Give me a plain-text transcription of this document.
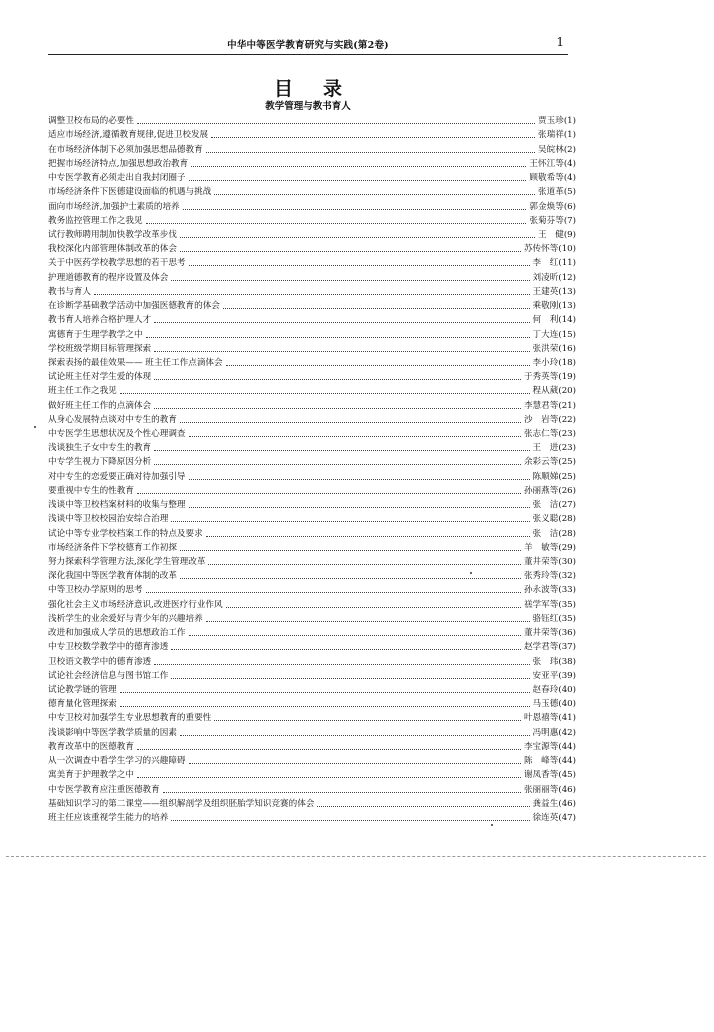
中华中等医学教育研究与实践(第2卷)	1
目录
教学管理与教书育人
调整卫校布局的必要性	贾玉珍 (1)
适应市场经济,遵循教育规律,促进卫校发展	张瑞祥 (1)
在市场经济体制下必须加强思想品德教育	吴皖林 (2)
把握市场经济特点,加强思想政治教育	王怀江等 (4)
中专医学教育必须走出自我封闭圈子	顾敬希等 (4)
市场经济条件下医德建设面临的机遇与挑战	张道革 (5)
面向市场经济,加强护士素质的培养	郭金焕等 (6)
教务监控管理工作之我见	张菊芬等 (7)
试行教师聘用制加快教学改革步伐	王　健 (9)
我校深化内部管理体制改革的体会	苏传怀等 (10)
关于中医药学校教学思想的若干思考	李　红 (11)
护理道德教育的程序设置及体会	刘凌昕 (12)
教书与育人	王建英 (13)
在诊断学基础教学活动中加强医德教育的体会	乘敬刚 (13)
教书育人培养合格护理人才	何　利 (14)
寓德育于生理学教学之中	丁大连 (15)
学校班级学期目标管理探索	张洪荣 (16)
探索表扬的最佳效果—— 班主任工作点滴体会	李小玲 (18)
试论班主任对学生爱的体现	于秀英等 (19)
班主任工作之我见	程从葳 (20)
做好班主任工作的点滴体会	李慧君等 (21)
从身心发展特点谈对中专生的教育	沙　岩等 (22)
中专医学生思想状况及个性心理调查	张志仁等 (23)
浅谈独生子女中专生的教育	王　进 (23)
中专学生视力下降原因分析	余彩云等 (25)
对中专生的恋爱要正确对待加强引导	陈顺娣 (25)
要重视中专生的性教育	孙丽燕等 (26)
浅谈中等卫校档案材料的收集与整理	张　洁 (27)
浅谈中等卫校校园治安综合治理	张义聪 (28)
试论中等专业学校档案工作的特点及要求	张　洁 (28)
市场经济条件下学校德育工作初探	羊　敏等 (29)
努力探索科学管理方法,深化学生管理改革	董井荣等 (30)
深化我国中等医学教育体制的改革	张秀玲等 (32)
中等卫校办学原则的思考	孙永波等 (33)
强化社会主义市场经济意识,改进医疗行业作风	禚学军等 (35)
浅析学生的业余爱好与青少年的兴趣培养	骆钰红 (35)
改进和加强成人学员的思想政治工作	董井荣等 (36)
中专卫校数学教学中的德育渗透	赵学君等 (37)
卫校语文教学中的德育渗透	张　玮 (38)
试论社会经济信息与图书馆工作	安亚平 (39)
试论教学链的管理	赵春玲 (40)
德育量化管理探索	马玉德 (40)
中专卫校对加强学生专业思想教育的重要性	叶恩禧等 (41)
浅谈影响中等医学教学质量的因素	冯明惠 (42)
教育改革中的医德教育	李宝源等 (44)
从一次调查中看学生学习的兴趣障碍	陈　峰等 (44)
寓美育于护理教学之中	谢凤香等 (45)
中专医学教育应注重医德教育	张丽丽等 (46)
基础知识学习的第二课堂——组织解剖学及组织胚胎学知识竞赛的体会	龚益生 (46)
班主任应该重视学生能力的培养	徐连英 (47)
